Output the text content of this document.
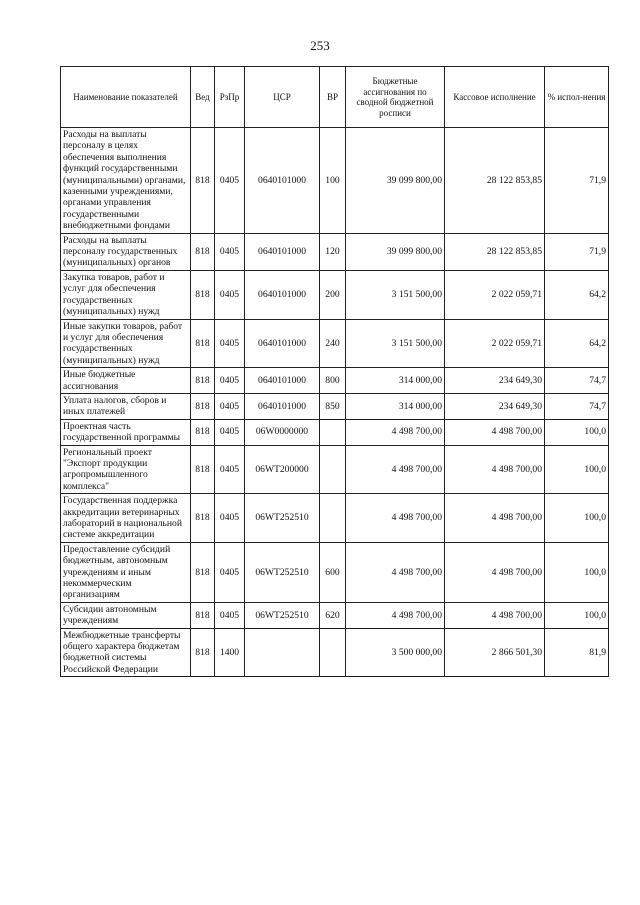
253
Наименование показателей	Вед	РзПр	ЦСР	ВР	Бюджетные ассигнования по сводной бюджетной росписи	Кассовое исполнение	% испол-нения
Расходы на выплаты персоналу в целях обеспечения выполнения функций государственными (муниципальными) органами, казенными учреждениями, органами управления государственными внебюджетными фондами	818	0405	0640101000	100	39 099 800,00	28 122 853,85	71,9
Расходы на выплаты персоналу государственных (муниципальных) органов	818	0405	0640101000	120	39 099 800,00	28 122 853,85	71,9
Закупка товаров, работ и услуг для обеспечения государственных (муниципальных) нужд	818	0405	0640101000	200	3 151 500,00	2 022 059,71	64,2
Иные закупки товаров, работ и услуг для обеспечения государственных (муниципальных) нужд	818	0405	0640101000	240	3 151 500,00	2 022 059,71	64,2
Иные бюджетные ассигнования	818	0405	0640101000	800	314 000,00	234 649,30	74,7
Уплата налогов, сборов и иных платежей	818	0405	0640101000	850	314 000,00	234 649,30	74,7
Проектная часть государственной программы	818	0405	06W0000000		4 498 700,00	4 498 700,00	100,0
Региональный проект "Экспорт продукции агропромышленного комплекса"	818	0405	06WT200000		4 498 700,00	4 498 700,00	100,0
Государственная поддержка аккредитации ветеринарных лабораторий в национальной системе аккредитации	818	0405	06WT252510		4 498 700,00	4 498 700,00	100,0
Предоставление субсидий бюджетным, автономным учреждениям и иным некоммерческим организациям	818	0405	06WT252510	600	4 498 700,00	4 498 700,00	100,0
Субсидии автономным учреждениям	818	0405	06WT252510	620	4 498 700,00	4 498 700,00	100,0
Межбюджетные трансферты общего характера бюджетам бюджетной системы Российской Федерации	818	1400			3 500 000,00	2 866 501,30	81,9
